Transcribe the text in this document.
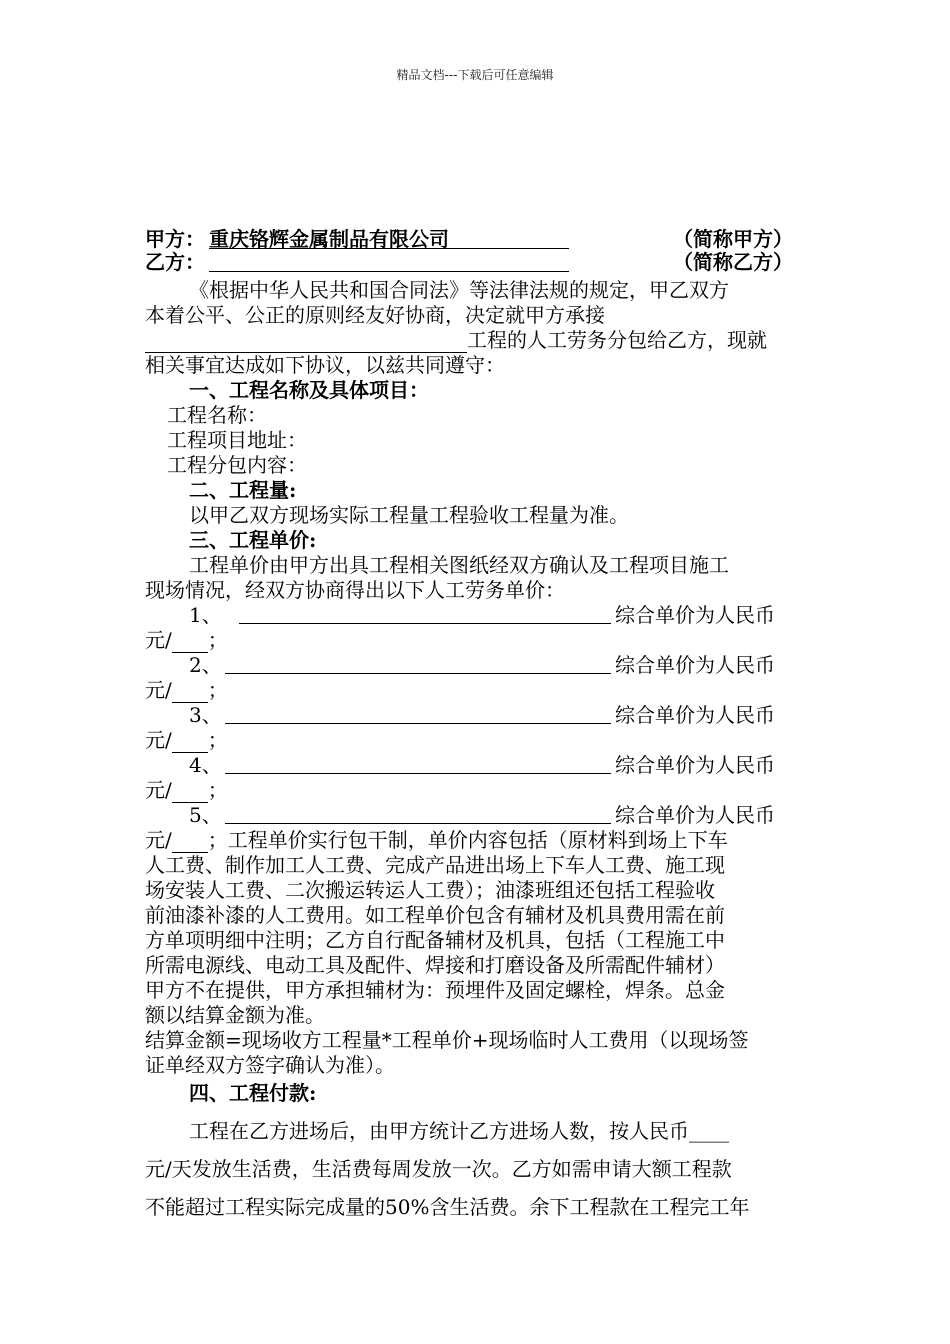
精品文档---下载后可任意编辑
甲方： 重庆铬辉金属制品有限公司	（简称甲方）
乙方：	（简称乙方）

《根据中华人民共和国合同法》等法律法规的规定，甲乙双方

本着公平、公正的原则经友好协商，决定就甲方承接

工程的人工劳务分包给乙方，现就

相关事宜达成如下协议，以兹共同遵守：

一、工程名称及具体项目：

工程名称：

工程项目地址：

工程分包内容：

二、工程量:

以甲乙双方现场实际工程量工程验收工程量为准。

三、工程单价:

工程单价由甲方出具工程相关图纸经双方确认及工程项目施工

现场情况，经双方协商得出以下人工劳务单价：

1、	综合单价为人民币

元/ ；

2、	综合单价为人民币

元/ ；

3、	综合单价为人民币

元/ ；

4、	综合单价为人民币

元/ ；

5、	综合单价为人民币

元/ ；工程单价实行包干制，单价内容包括（原材料到场上下车

人工费、制作加工人工费、完成产品进出场上下车人工费、施工现

场安装人工费、二次搬运转运人工费）；油漆班组还包括工程验收

前油漆补漆的人工费用。如工程单价包含有辅材及机具费用需在前

方单项明细中注明；乙方自行配备辅材及机具，包括（工程施工中

所需电源线、电动工具及配件、焊接和打磨设备及所需配件辅材）

甲方不在提供，甲方承担辅材为：预埋件及固定螺栓，焊条。总金

额以结算金额为准。

结算金额=现场收方工程量*工程单价+现场临时人工费用（以现场签

证单经双方签字确认为准）。

四、工程付款:

工程在乙方进场后，由甲方统计乙方进场人数，按人民币____

元/天发放生活费，生活费每周发放一次。乙方如需申请大额工程款

不能超过工程实际完成量的50%含生活费。余下工程款在工程完工年
